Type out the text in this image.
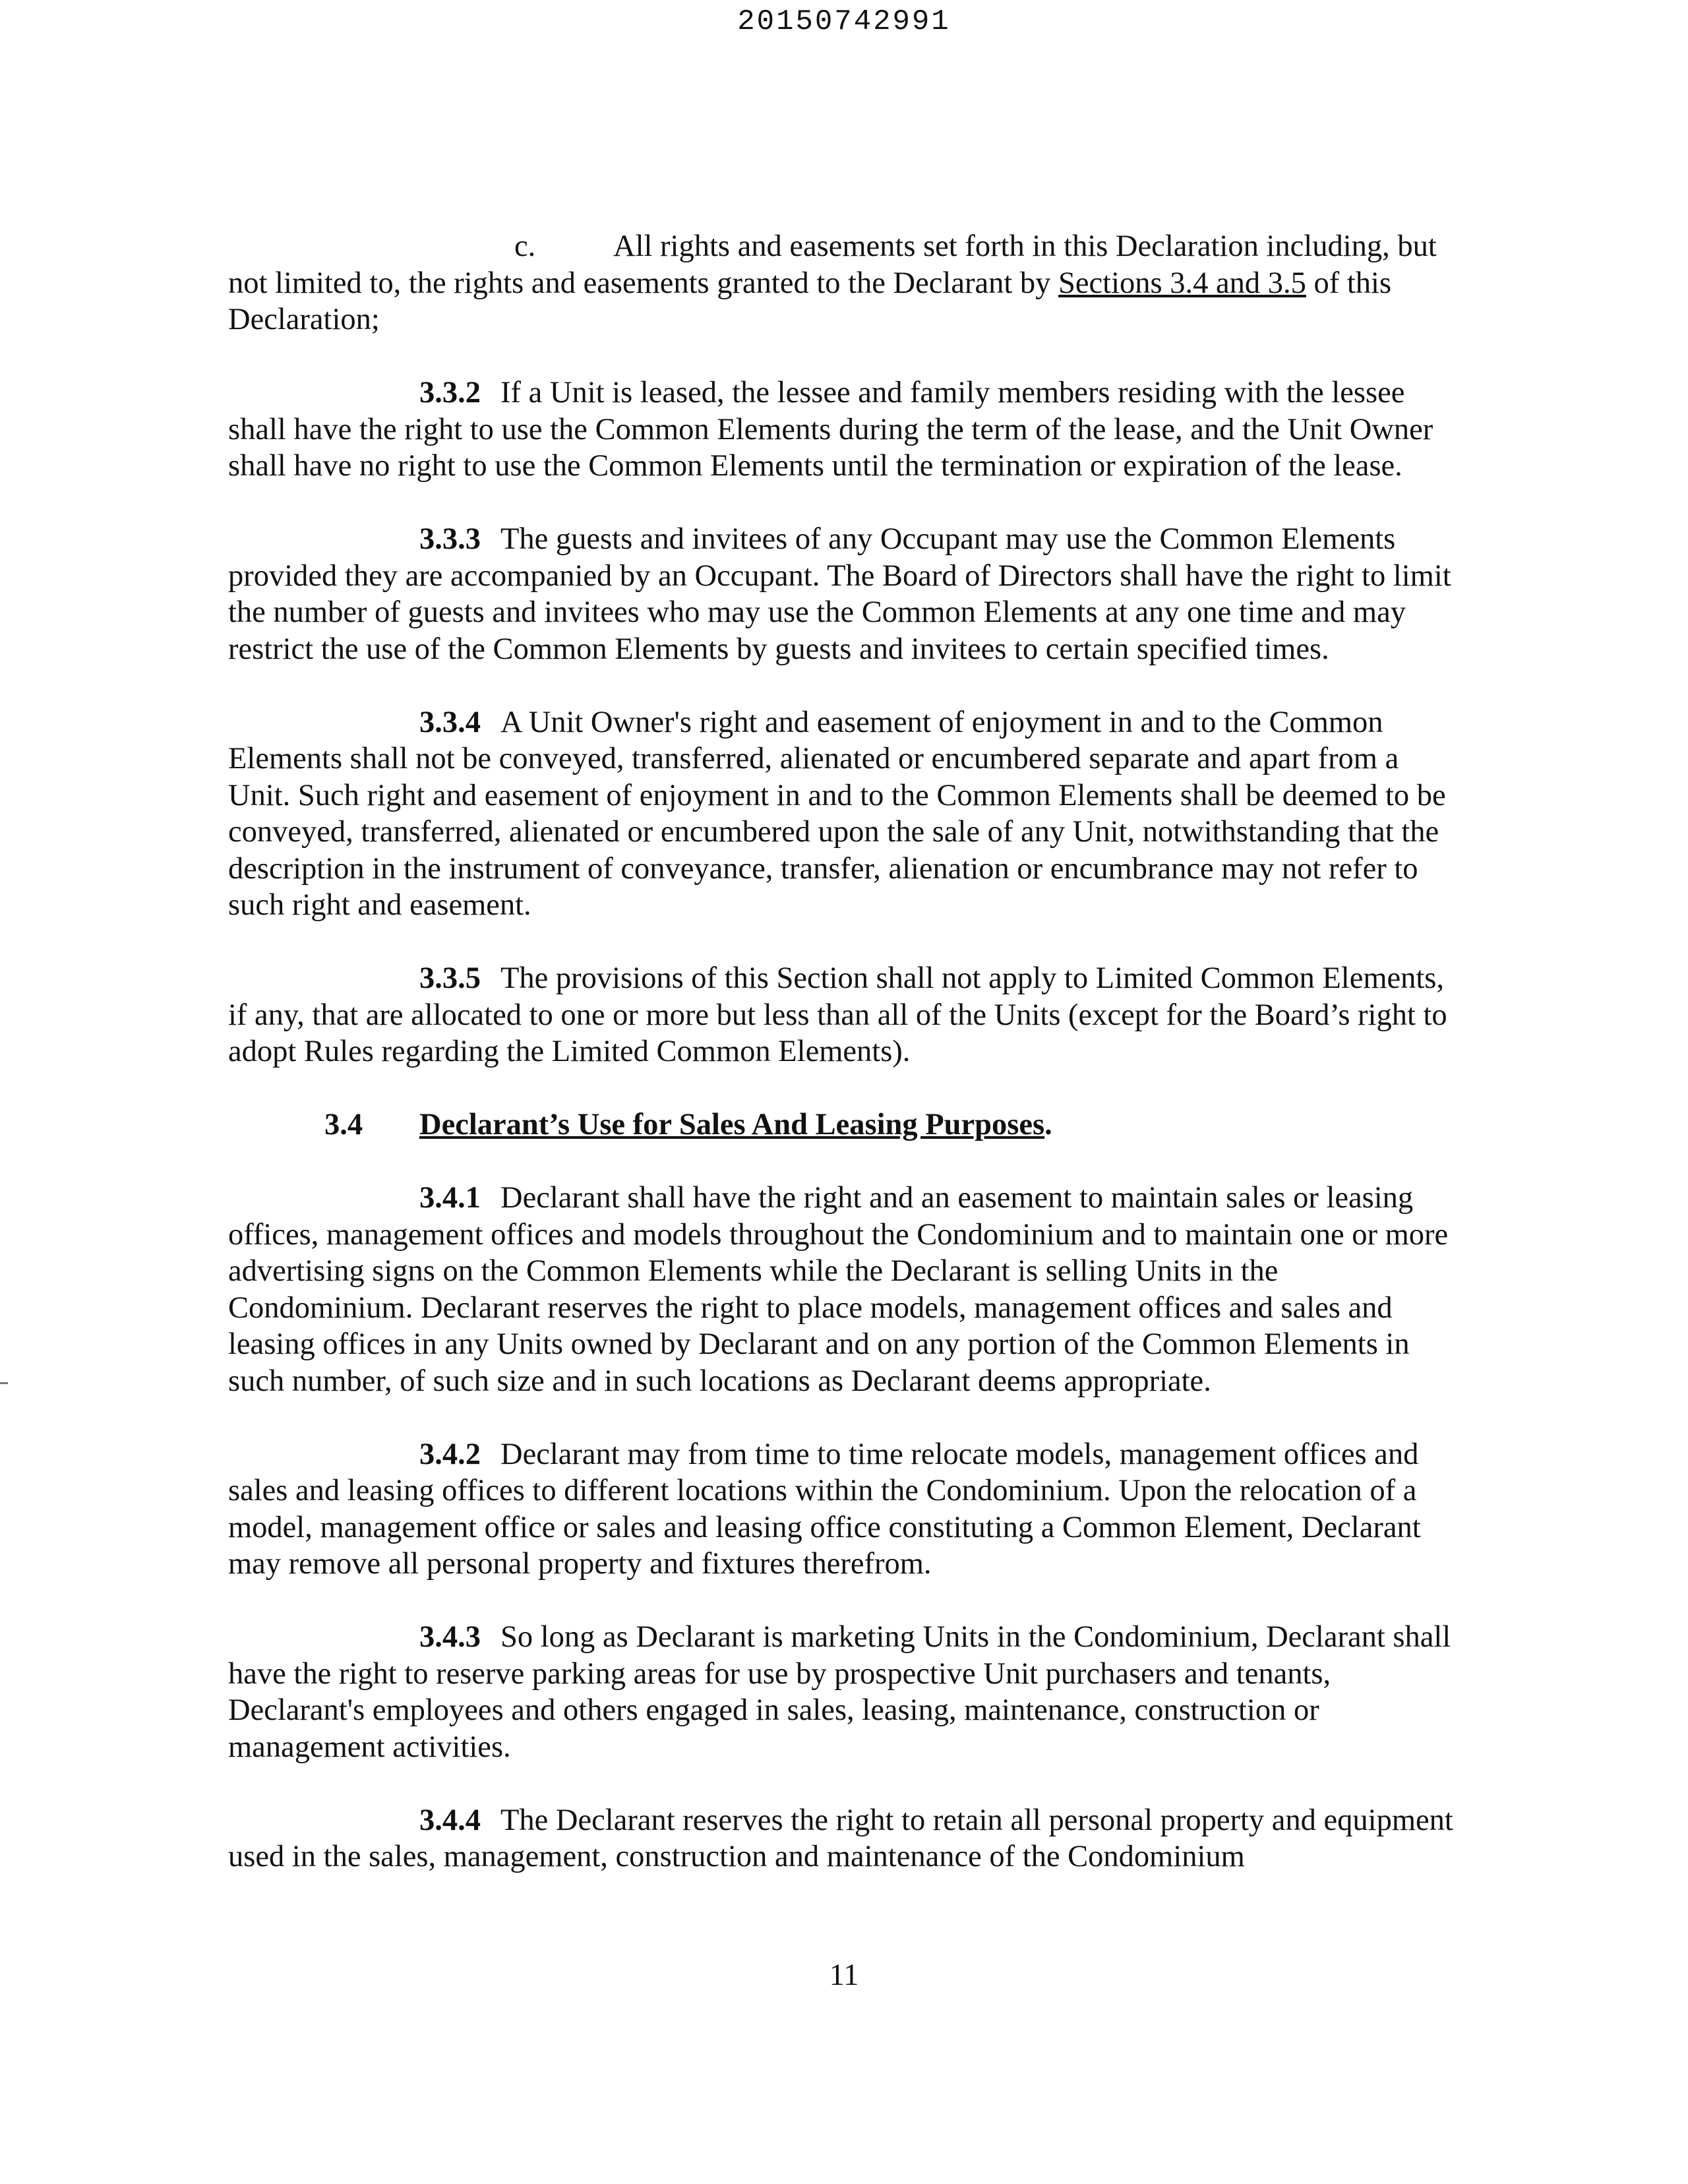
20150742991

c.	All rights and easements set forth in this Declaration including, but not limited to, the rights and easements granted to the Declarant by Sections 3.4 and 3.5 of this Declaration;

3.3.2 If a Unit is leased, the lessee and family members residing with the lessee shall have the right to use the Common Elements during the term of the lease, and the Unit Owner shall have no right to use the Common Elements until the termination or expiration of the lease.

3.3.3 The guests and invitees of any Occupant may use the Common Elements provided they are accompanied by an Occupant. The Board of Directors shall have the right to limit the number of guests and invitees who may use the Common Elements at any one time and may restrict the use of the Common Elements by guests and invitees to certain specified times.

3.3.4 A Unit Owner's right and easement of enjoyment in and to the Common Elements shall not be conveyed, transferred, alienated or encumbered separate and apart from a Unit. Such right and easement of enjoyment in and to the Common Elements shall be deemed to be conveyed, transferred, alienated or encumbered upon the sale of any Unit, notwithstanding that the description in the instrument of conveyance, transfer, alienation or encumbrance may not refer to such right and easement.

3.3.5 The provisions of this Section shall not apply to Limited Common Elements, if any, that are allocated to one or more but less than all of the Units (except for the Board’s right to adopt Rules regarding the Limited Common Elements).

3.4 Declarant’s Use for Sales And Leasing Purposes.

3.4.1 Declarant shall have the right and an easement to maintain sales or leasing offices, management offices and models throughout the Condominium and to maintain one or more advertising signs on the Common Elements while the Declarant is selling Units in the Condominium. Declarant reserves the right to place models, management offices and sales and leasing offices in any Units owned by Declarant and on any portion of the Common Elements in such number, of such size and in such locations as Declarant deems appropriate.

3.4.2 Declarant may from time to time relocate models, management offices and sales and leasing offices to different locations within the Condominium. Upon the relocation of a model, management office or sales and leasing office constituting a Common Element, Declarant may remove all personal property and fixtures therefrom.

3.4.3 So long as Declarant is marketing Units in the Condominium, Declarant shall have the right to reserve parking areas for use by prospective Unit purchasers and tenants, Declarant's employees and others engaged in sales, leasing, maintenance, construction or management activities.

3.4.4 The Declarant reserves the right to retain all personal property and equipment used in the sales, management, construction and maintenance of the Condominium

11
